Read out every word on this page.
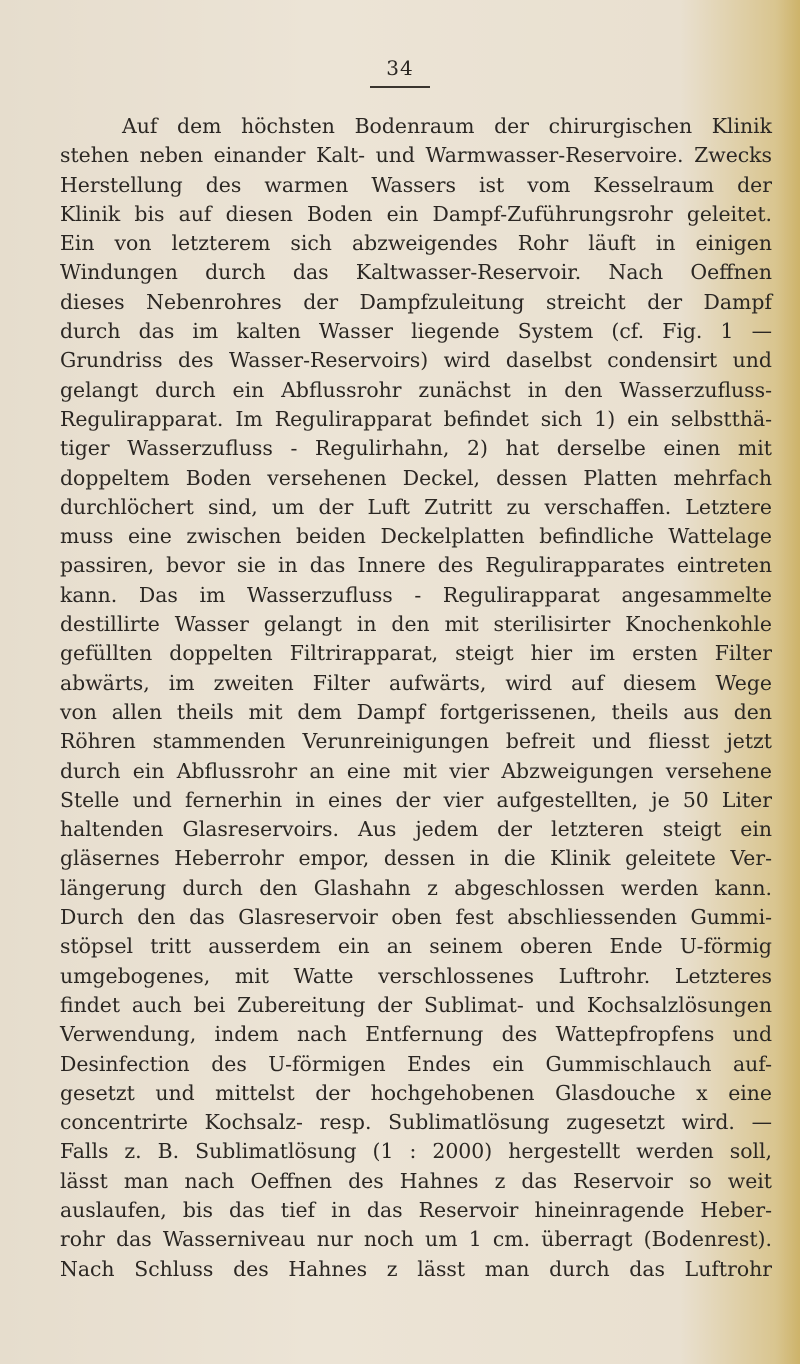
34
Auf dem höchsten Bodenraum der chirurgischen Klinik
stehen neben einander Kalt- und Warmwasser-Reservoire. Zwecks
Herstellung des warmen Wassers ist vom Kesselraum der
Klinik bis auf diesen Boden ein Dampf-Zuführungsrohr geleitet.
Ein von letzterem sich abzweigendes Rohr läuft in einigen
Windungen durch das Kaltwasser-Reservoir. Nach Oeffnen
dieses Nebenrohres der Dampfzuleitung streicht der Dampf
durch das im kalten Wasser liegende System (cf. Fig. 1 —
Grundriss des Wasser-Reservoirs) wird daselbst condensirt und
gelangt durch ein Abflussrohr zunächst in den Wasserzufluss-
Regulirapparat. Im Regulirapparat befindet sich 1) ein selbstthä-
tiger Wasserzufluss - Regulirhahn, 2) hat derselbe einen mit
doppeltem Boden versehenen Deckel, dessen Platten mehrfach
durchlöchert sind, um der Luft Zutritt zu verschaffen. Letztere
muss eine zwischen beiden Deckelplatten befindliche Wattelage
passiren, bevor sie in das Innere des Regulirapparates eintreten
kann. Das im Wasserzufluss - Regulirapparat angesammelte
destillirte Wasser gelangt in den mit sterilisirter Knochenkohle
gefüllten doppelten Filtrirapparat, steigt hier im ersten Filter
abwärts, im zweiten Filter aufwärts, wird auf diesem Wege
von allen theils mit dem Dampf fortgerissenen, theils aus den
Röhren stammenden Verunreinigungen befreit und fliesst jetzt
durch ein Abflussrohr an eine mit vier Abzweigungen versehene
Stelle und fernerhin in eines der vier aufgestellten, je 50 Liter
haltenden Glasreservoirs. Aus jedem der letzteren steigt ein
gläsernes Heberrohr empor, dessen in die Klinik geleitete Ver-
längerung durch den Glashahn z abgeschlossen werden kann.
Durch den das Glasreservoir oben fest abschliessenden Gummi-
stöpsel tritt ausserdem ein an seinem oberen Ende U-förmig
umgebogenes, mit Watte verschlossenes Luftrohr. Letzteres
findet auch bei Zubereitung der Sublimat- und Kochsalzlösungen
Verwendung, indem nach Entfernung des Wattepfropfens und
Desinfection des U-förmigen Endes ein Gummischlauch auf-
gesetzt und mittelst der hochgehobenen Glasdouche x eine
concentrirte Kochsalz- resp. Sublimatlösung zugesetzt wird. —
Falls z. B. Sublimatlösung (1 : 2000) hergestellt werden soll,
lässt man nach Oeffnen des Hahnes z das Reservoir so weit
auslaufen, bis das tief in das Reservoir hineinragende Heber-
rohr das Wasserniveau nur noch um 1 cm. überragt (Bodenrest).
Nach Schluss des Hahnes z lässt man durch das Luftrohr
